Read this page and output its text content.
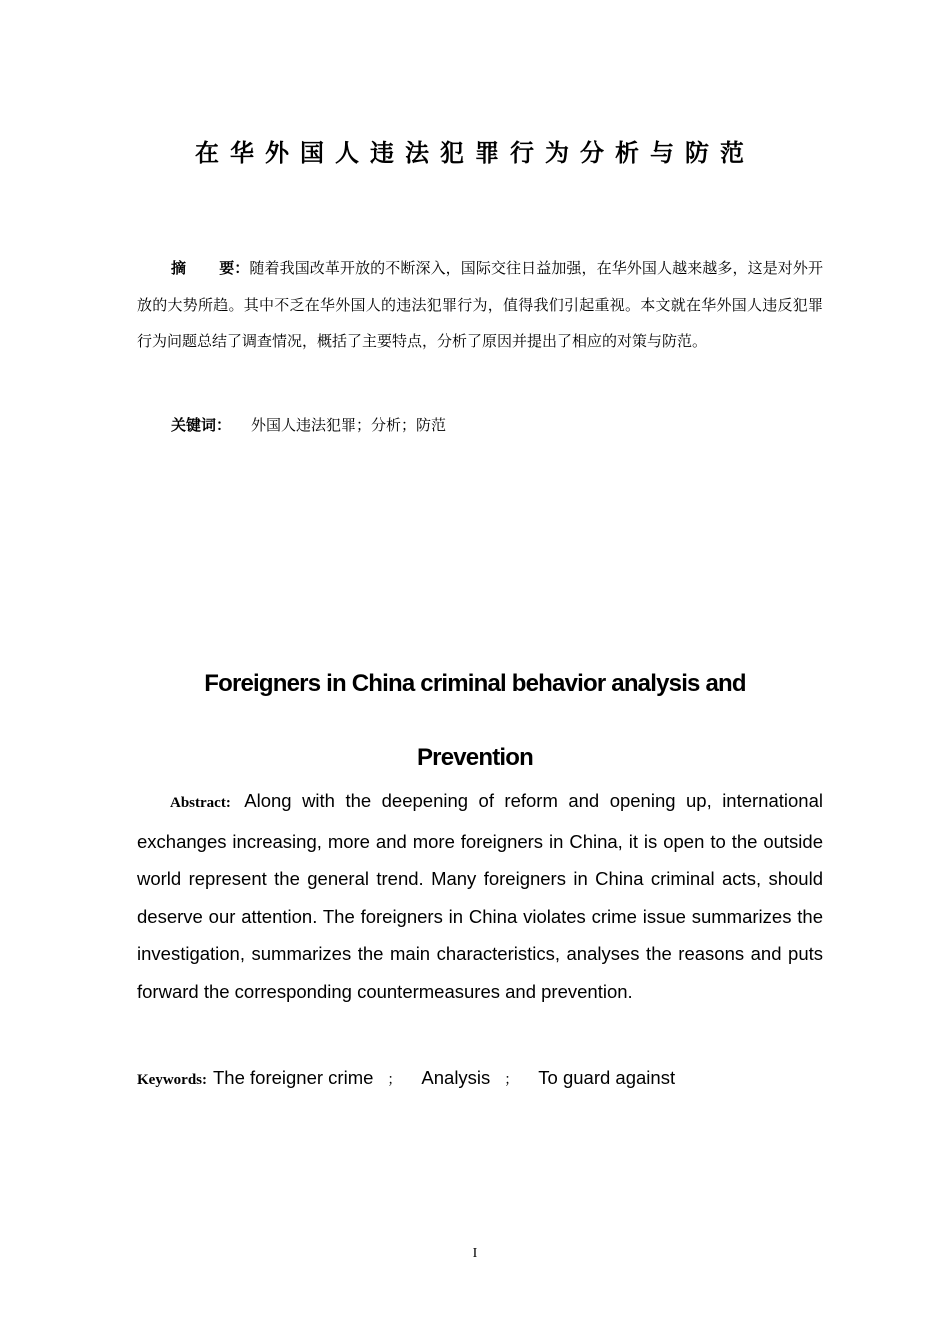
在华外国人违法犯罪行为分析与防范
摘 要：随着我国改革开放的不断深入，国际交往日益加强，在华外国人越来越多，这是对外开放的大势所趋。其中不乏在华外国人的违法犯罪行为，值得我们引起重视。本文就在华外国人违反犯罪行为问题总结了调查情况，概括了主要特点，分析了原因并提出了相应的对策与防范。
关键词： 外国人违法犯罪；分析；防范
Foreigners in China criminal behavior analysis and
Prevention
Abstract: Along with the deepening of reform and opening up, international exchanges increasing, more and more foreigners in China, it is open to the outside world represent the general trend. Many foreigners in China criminal acts, should deserve our attention. The foreigners in China violates crime issue summarizes the investigation, summarizes the main characteristics, analyses the reasons and puts forward the corresponding countermeasures and prevention.
Keywords: The foreigner crime ； Analysis ； To guard against
I
